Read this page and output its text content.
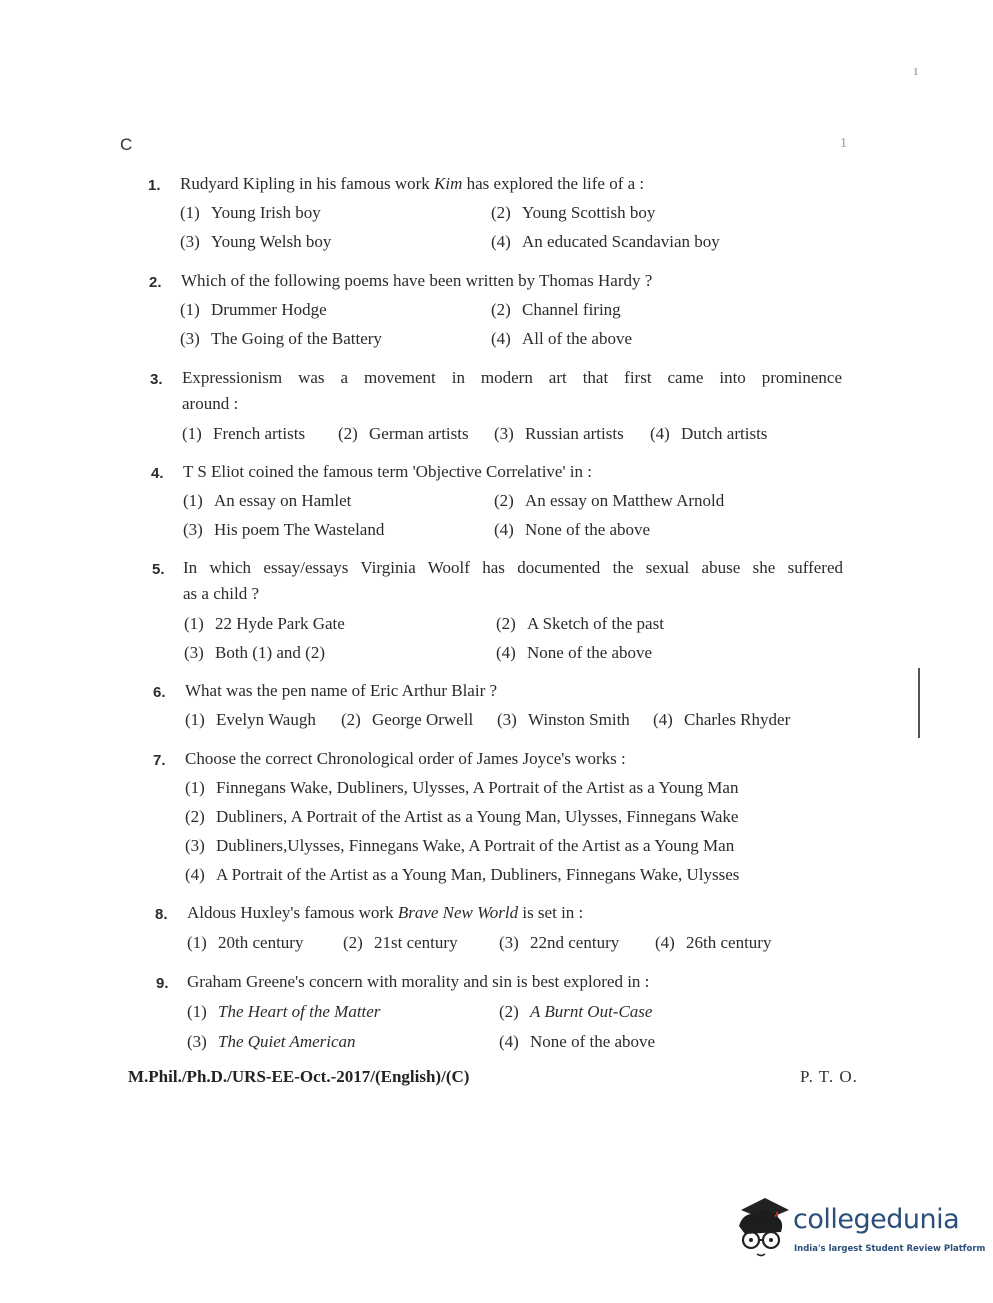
1
C	1
1. Rudyard Kipling in his famous work Kim has explored the life of a :
(1) Young Irish boy	(2) Young Scottish boy
(3) Young Welsh boy	(4) An educated Scandavian boy
2. Which of the following poems have been written by Thomas Hardy ?
(1) Drummer Hodge	(2) Channel firing
(3) The Going of the Battery	(4) All of the above
3. Expressionism was a movement in modern art that first came into prominence
around :
(1) French artists (2) German artists (3) Russian artists (4) Dutch artists
4. T S Eliot coined the famous term 'Objective Correlative' in :
(1) An essay on Hamlet	(2) An essay on Matthew Arnold
(3) His poem The Wasteland	(4) None of the above
5. In which essay/essays Virginia Woolf has documented the sexual abuse she suffered
as a child ?
(1) 22 Hyde Park Gate	(2) A Sketch of the past
(3) Both (1) and (2)	(4) None of the above
6. What was the pen name of Eric Arthur Blair ?
(1) Evelyn Waugh (2) George Orwell (3) Winston Smith (4) Charles Rhyder
7. Choose the correct Chronological order of James Joyce's works :
(1) Finnegans Wake, Dubliners, Ulysses, A Portrait of the Artist as a Young Man
(2) Dubliners, A Portrait of the Artist as a Young Man, Ulysses, Finnegans Wake
(3) Dubliners,Ulysses, Finnegans Wake, A Portrait of the Artist as a Young Man
(4) A Portrait of the Artist as a Young Man, Dubliners, Finnegans Wake, Ulysses
8. Aldous Huxley's famous work Brave New World is set in :
(1) 20th century (2) 21st century (3) 22nd century (4) 26th century
9. Graham Greene's concern with morality and sin is best explored in :
(1) The Heart of the Matter	(2) A Burnt Out-Case
(3) The Quiet American	(4) None of the above
M.Phil./Ph.D./URS-EE-Oct.-2017/(English)/(C)	P. T. O.
collegedunia
India's largest Student Review Platform
